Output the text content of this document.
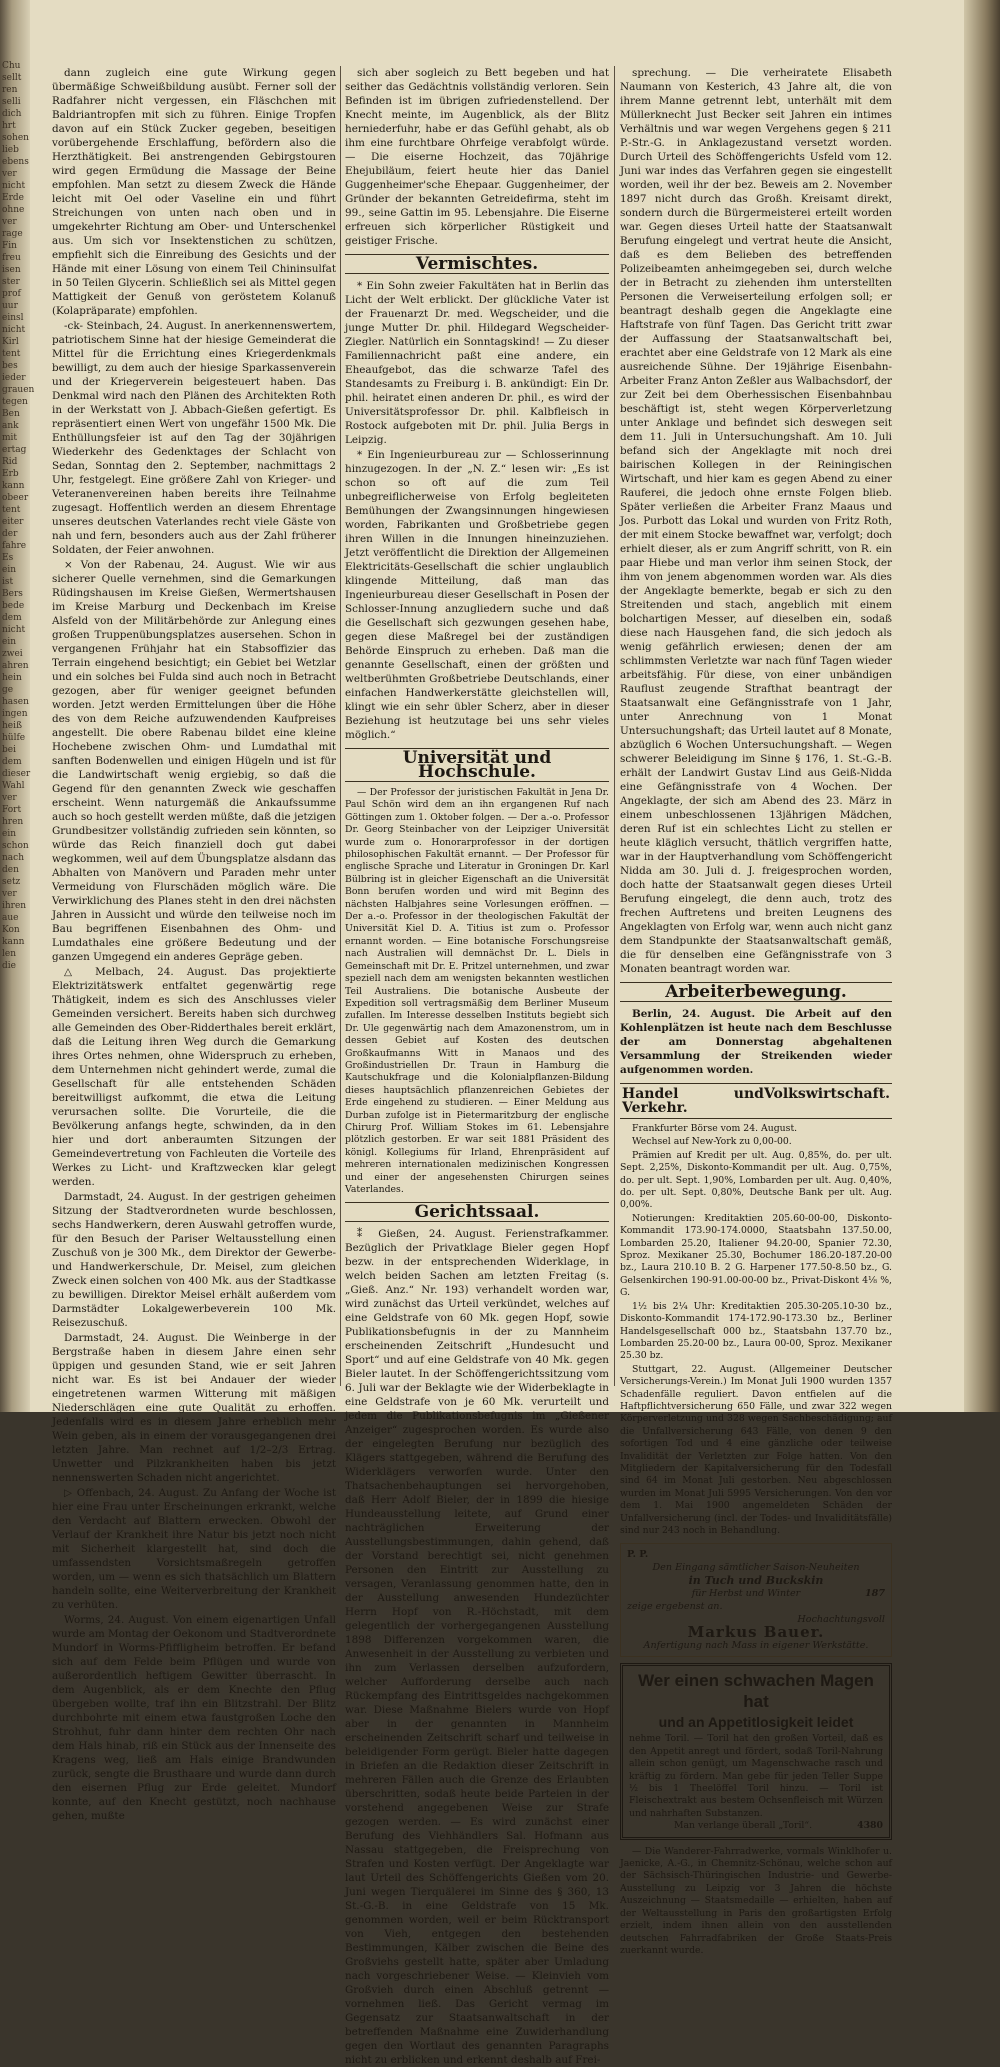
Chu
sellt
ren
selli
dich
hrt
sohen
lieb
ebens
ver
nicht
Erde
ohne
ver
rage
Fin
freu
isen
ster
prof
uur
einsl
nicht
Kirl
tent
bes
ieder
grauen
tegen
Ben
ank
mit
ertag
Rid
Erb
kann
obeer
tent
eiter
der
fahre
Es
ein
ist
Bers
bede
dem
nicht
ein
zwei
ahren
hein
ge
hasen
ingen
heiß
hülfe
bei
dem
dieser
Wahl
ver
Fort
hren
ein
schon
nach
den
setz
ver
ihren
aue
Kon
kann
len
die

dann zugleich eine gute Wirkung gegen übermäßige Schweißbildung ausübt. Ferner soll der Radfahrer nicht vergessen, ein Fläschchen mit Baldriantropfen mit sich zu führen. Einige Tropfen davon auf ein Stück Zucker gegeben, beseitigen vorübergehende Erschlaffung, befördern also die Herzthätigkeit. Bei anstrengenden Gebirgstouren wird gegen Ermüdung die Massage der Beine empfohlen. Man setzt zu diesem Zweck die Hände leicht mit Oel oder Vaseline ein und führt Streichungen von unten nach oben und in umgekehrter Richtung am Ober- und Unterschenkel aus. Um sich vor Insektenstichen zu schützen, empfiehlt sich die Einreibung des Gesichts und der Hände mit einer Lösung von einem Teil Chininsulfat in 50 Teilen Glycerin. Schließlich sei als Mittel gegen Mattigkeit der Genuß von geröstetem Kolanuß (Kolapräparate) empfohlen.

-ck- Steinbach, 24. August. In anerkennenswertem, patriotischem Sinne hat der hiesige Gemeinderat die Mittel für die Errichtung eines Kriegerdenkmals bewilligt, zu dem auch der hiesige Sparkassenverein und der Kriegerverein beigesteuert haben. Das Denkmal wird nach den Plänen des Architekten Roth in der Werkstatt von J. Abbach-Gießen gefertigt. Es repräsentiert einen Wert von ungefähr 1500 Mk. Die Enthüllungsfeier ist auf den Tag der 30jährigen Wiederkehr des Gedenktages der Schlacht von Sedan, Sonntag den 2. September, nachmittags 2 Uhr, festgelegt. Eine größere Zahl von Krieger- und Veteranenvereinen haben bereits ihre Teilnahme zugesagt. Hoffentlich werden an diesem Ehrentage unseres deutschen Vaterlandes recht viele Gäste von nah und fern, besonders auch aus der Zahl früherer Soldaten, der Feier anwohnen.

⨯ Von der Rabenau, 24. August. Wie wir aus sicherer Quelle vernehmen, sind die Gemarkungen Rüdingshausen im Kreise Gießen, Wermertshausen im Kreise Marburg und Deckenbach im Kreise Alsfeld von der Militärbehörde zur Anlegung eines großen Truppenübungsplatzes ausersehen. Schon in vergangenen Frühjahr hat ein Stabsoffizier das Terrain eingehend besichtigt; ein Gebiet bei Wetzlar und ein solches bei Fulda sind auch noch in Betracht gezogen, aber für weniger geeignet befunden worden. Jetzt werden Ermittelungen über die Höhe des von dem Reiche aufzuwendenden Kaufpreises angestellt. Die obere Rabenau bildet eine kleine Hochebene zwischen Ohm- und Lumdathal mit sanften Bodenwellen und einigen Hügeln und ist für die Landwirtschaft wenig ergiebig, so daß die Gegend für den genannten Zweck wie geschaffen erscheint. Wenn naturgemäß die Ankaufssumme auch so hoch gestellt werden müßte, daß die jetzigen Grundbesitzer vollständig zufrieden sein könnten, so würde das Reich finanziell doch gut dabei wegkommen, weil auf dem Übungsplatze alsdann das Abhalten von Manövern und Paraden mehr unter Vermeidung von Flurschäden möglich wäre. Die Verwirklichung des Planes steht in den drei nächsten Jahren in Aussicht und würde den teilweise noch im Bau begriffenen Eisenbahnen des Ohm- und Lumdathales eine größere Bedeutung und der ganzen Umgegend ein anderes Gepräge geben.

△ Melbach, 24. August. Das projektierte Elektrizitätswerk entfaltet gegenwärtig rege Thätigkeit, indem es sich des Anschlusses vieler Gemeinden versichert. Bereits haben sich durchweg alle Gemeinden des Ober-Ridderthales bereit erklärt, daß die Leitung ihren Weg durch die Gemarkung ihres Ortes nehmen, ohne Widerspruch zu erheben, dem Unternehmen nicht gehindert werde, zumal die Gesellschaft für alle entstehenden Schäden bereitwilligst aufkommt, die etwa die Leitung verursachen sollte. Die Vorurteile, die die Bevölkerung anfangs hegte, schwinden, da in den hier und dort anberaumten Sitzungen der Gemeindevertretung von Fachleuten die Vorteile des Werkes zu Licht- und Kraftzwecken klar gelegt werden.

Darmstadt, 24. August. In der gestrigen geheimen Sitzung der Stadtverordneten wurde beschlossen, sechs Handwerkern, deren Auswahl getroffen wurde, für den Besuch der Pariser Weltausstellung einen Zuschuß von je 300 Mk., dem Direktor der Gewerbe- und Handwerkerschule, Dr. Meisel, zum gleichen Zweck einen solchen von 400 Mk. aus der Stadtkasse zu bewilligen. Direktor Meisel erhält außerdem vom Darmstädter Lokalgewerbeverein 100 Mk. Reisezuschuß.

Darmstadt, 24. August. Die Weinberge in der Bergstraße haben in diesem Jahre einen sehr üppigen und gesunden Stand, wie er seit Jahren nicht war. Es ist bei Andauer der wieder eingetretenen warmen Witterung mit mäßigen Niederschlägen eine gute Qualität zu erhoffen. Jedenfalls wird es in diesem Jahre erheblich mehr Wein geben, als in einem der vorausgegangenen drei letzten Jahre. Man rechnet auf 1/2–2/3 Ertrag. Unwetter und Pilzkrankheiten haben bis jetzt nennenswerten Schaden nicht angerichtet.

▷ Offenbach, 24. August. Zu Anfang der Woche ist hier eine Frau unter Erscheinungen erkrankt, welche den Verdacht auf Blattern erwecken. Obwohl der Verlauf der Krankheit ihre Natur bis jetzt noch nicht mit Sicherheit klargestellt hat, sind doch die umfassendsten Vorsichtsmaßregeln getroffen worden, um — wenn es sich thatsächlich um Blattern handeln sollte, eine Weiterverbreitung der Krankheit zu verhüten.

Worms, 24. August. Von einem eigenartigen Unfall wurde am Montag der Oekonom und Stadtverordnete Mundorf in Worms-Pfiffligheim betroffen. Er befand sich auf dem Felde beim Pflügen und wurde von außerordentlich heftigem Gewitter überrascht. In dem Augenblick, als er dem Knechte den Pflug übergeben wollte, traf ihn ein Blitzstrahl. Der Blitz durchbohrte mit einem etwa faustgroßen Loche den Strohhut, fuhr dann hinter dem rechten Ohr nach dem Hals hinab, riß ein Stück aus der Innenseite des Kragens weg, ließ am Hals einige Brandwunden zurück, sengte die Brusthaare und wurde dann durch den eisernen Pflug zur Erde geleitet. Mundorf konnte, auf den Knecht gestützt, noch nachhause gehen, mußte

sich aber sogleich zu Bett begeben und hat seither das Gedächtnis vollständig verloren. Sein Befinden ist im übrigen zufriedenstellend. Der Knecht meinte, im Augenblick, als der Blitz herniederfuhr, habe er das Gefühl gehabt, als ob ihm eine furchtbare Ohrfeige verabfolgt würde. — Die eiserne Hochzeit, das 70jährige Ehejubiläum, feiert heute hier das Daniel Guggenheimer'sche Ehepaar. Guggenheimer, der Gründer der bekannten Getreidefirma, steht im 99., seine Gattin im 95. Lebensjahre. Die Eiserne erfreuen sich körperlicher Rüstigkeit und geistiger Frische.

Vermischtes.

* Ein Sohn zweier Fakultäten hat in Berlin das Licht der Welt erblickt. Der glückliche Vater ist der Frauenarzt Dr. med. Wegscheider, und die junge Mutter Dr. phil. Hildegard Wegscheider-Ziegler. Natürlich ein Sonntagskind! — Zu dieser Familiennachricht paßt eine andere, ein Eheaufgebot, das die schwarze Tafel des Standesamts zu Freiburg i. B. ankündigt: Ein Dr. phil. heiratet einen anderen Dr. phil., es wird der Universitätsprofessor Dr. phil. Kalbfleisch in Rostock aufgeboten mit Dr. phil. Julia Bergs in Leipzig.

* Ein Ingenieurbureau zur — Schlosserinnung hinzugezogen. In der „N. Z.“ lesen wir: „Es ist schon so oft auf die zum Teil unbegreiflicherweise von Erfolg begleiteten Bemühungen der Zwangsinnungen hingewiesen worden, Fabrikanten und Großbetriebe gegen ihren Willen in die Innungen hineinzuziehen. Jetzt veröffentlicht die Direktion der Allgemeinen Elektricitäts-Gesellschaft die schier unglaublich klingende Mitteilung, daß man das Ingenieurbureau dieser Gesellschaft in Posen der Schlosser-Innung anzugliedern suche und daß die Gesellschaft sich gezwungen gesehen habe, gegen diese Maßregel bei der zuständigen Behörde Einspruch zu erheben. Daß man die genannte Gesellschaft, einen der größten und weltberühmten Großbetriebe Deutschlands, einer einfachen Handwerkerstätte gleichstellen will, klingt wie ein sehr übler Scherz, aber in dieser Beziehung ist heutzutage bei uns sehr vieles möglich.“

Universität und Hochschule.

— Der Professor der juristischen Fakultät in Jena Dr. Paul Schön wird dem an ihn ergangenen Ruf nach Göttingen zum 1. Oktober folgen. — Der a.-o. Professor Dr. Georg Steinbacher von der Leipziger Universität wurde zum o. Honorarprofessor in der dortigen philosophischen Fakultät ernannt. — Der Professor für englische Sprache und Literatur in Groningen Dr. Karl Bülbring ist in gleicher Eigenschaft an die Universität Bonn berufen worden und wird mit Beginn des nächsten Halbjahres seine Vorlesungen eröffnen. — Der a.-o. Professor in der theologischen Fakultät der Universität Kiel D. A. Titius ist zum o. Professor ernannt worden. — Eine botanische Forschungsreise nach Australien will demnächst Dr. L. Diels in Gemeinschaft mit Dr. E. Pritzel unternehmen, und zwar speziell nach dem am wenigsten bekannten westlichen Teil Australiens. Die botanische Ausbeute der Expedition soll vertragsmäßig dem Berliner Museum zufallen. Im Interesse desselben Instituts begiebt sich Dr. Ule gegenwärtig nach dem Amazonenstrom, um in dessen Gebiet auf Kosten des deutschen Großkaufmanns Witt in Manaos und des Großindustriellen Dr. Traun in Hamburg die Kautschukfrage und die Kolonialpflanzen-Bildung dieses hauptsächlich pflanzenreichen Gebietes der Erde eingehend zu studieren. — Einer Meldung aus Durban zufolge ist in Pietermaritzburg der englische Chirurg Prof. William Stokes im 61. Lebensjahre plötzlich gestorben. Er war seit 1881 Präsident des königl. Kollegiums für Irland, Ehrenpräsident auf mehreren internationalen medizinischen Kongressen und einer der angesehensten Chirurgen seines Vaterlandes.

Gerichtssaal.

⁑ Gießen, 24. August. Ferienstrafkammer. Bezüglich der Privatklage Bieler gegen Hopf bezw. in der entsprechenden Widerklage, in welch beiden Sachen am letzten Freitag (s. „Gieß. Anz.“ Nr. 193) verhandelt worden war, wird zunächst das Urteil verkündet, welches auf eine Geldstrafe von 60 Mk. gegen Hopf, sowie Publikationsbefugnis in der zu Mannheim erscheinenden Zeitschrift „Hundesucht und Sport“ und auf eine Geldstrafe von 40 Mk. gegen Bieler lautet. In der Schöffengerichtssitzung vom 6. Juli war der Beklagte wie der Widerbeklagte in eine Geldstrafe von je 60 Mk. verurteilt und jedem die Publikationsbefugnis im „Gießener Anzeiger“ zugesprochen worden. Es wurde also der eingelegten Berufung nur bezüglich des Klägers stattgegeben, während die Berufung des Widerklägers verworfen wurde. Unter den Thatsachenbehauptungen sei hervorgehoben, daß Herr Adolf Bieler, der in 1899 die hiesige Hundeausstellung leitete, auf Grund einer nachträglichen Erweiterung der Ausstellungsbestimmungen, dahin gehend, daß der Vorstand berechtigt sei, nicht genehmen Personen den Eintritt zur Ausstellung zu versagen, Veranlassung genommen hatte, den in der Ausstellung anwesenden Hundezüchter Herrn Hopf von R.-Höchstadt, mit dem gelegentlich der vorhergegangenen Ausstellung 1898 Differenzen vorgekommen waren, die Anwesenheit in der Ausstellung zu verbieten und ihn zum Verlassen derselben aufzufordern, welcher Aufforderung derselbe auch nach Rückempfang des Eintrittsgeldes nachgekommen war. Diese Maßnahme Bielers wurde von Hopf aber in der genannten in Mannheim erscheinenden Zeitschrift scharf und teilweise in beleidigender Form gerügt. Bieler hatte dagegen in Briefen an die Redaktion dieser Zeitschrift in mehreren Fällen auch die Grenze des Erlaubten überschritten, sodaß heute beide Parteien in der vorstehend angegebenen Weise zur Strafe gezogen werden. — Es wird zunächst einer Berufung des Viehhändlers Sal. Hofmann aus Nassau stattgegeben, die Freisprechung von Strafen und Kosten verfügt. Der Angeklagte war laut Urteil des Schöffengerichts Gießen vom 20. Juni wegen Tierquälerei im Sinne des § 360, 13 St.-G.-B. in eine Geldstrafe von 15 Mk. genommen worden, weil er beim Rücktransport von Vieh, entgegen den bestehenden Bestimmungen, Kälber zwischen die Beine des Großviehs gestellt hatte, später aber Umladung nach vorgeschriebener Weise. — Kleinvieh vom Großvieh durch einen Abschluß getrennt — vornehmen ließ. Das Gericht vermag im Gegensatz zur Staatsanwaltschaft in der betreffenden Maßnahme eine Zuwiderhandlung gegen den Wortlaut des genannten Paragraphs nicht zu erblicken und erkennt deshalb auf Frei-

sprechung. — Die verheiratete Elisabeth Naumann von Kesterich, 43 Jahre alt, die von ihrem Manne getrennt lebt, unterhält mit dem Müllerknecht Just Becker seit Jahren ein intimes Verhältnis und war wegen Vergehens gegen § 211 P.-Str.-G. in Anklagezustand versetzt worden. Durch Urteil des Schöffengerichts Usfeld vom 12. Juni war indes das Verfahren gegen sie eingestellt worden, weil ihr der bez. Beweis am 2. November 1897 nicht durch das Großh. Kreisamt direkt, sondern durch die Bürgermeisterei erteilt worden war. Gegen dieses Urteil hatte der Staatsanwalt Berufung eingelegt und vertrat heute die Ansicht, daß es dem Belieben des betreffenden Polizeibeamten anheimgegeben sei, durch welche der in Betracht zu ziehenden ihm unterstellten Personen die Verweiserteilung erfolgen soll; er beantragt deshalb gegen die Angeklagte eine Haftstrafe von fünf Tagen. Das Gericht tritt zwar der Auffassung der Staatsanwaltschaft bei, erachtet aber eine Geldstrafe von 12 Mark als eine ausreichende Sühne. Der 19jährige Eisenbahn-Arbeiter Franz Anton Zeßler aus Walbachsdorf, der zur Zeit bei dem Oberhessischen Eisenbahnbau beschäftigt ist, steht wegen Körperverletzung unter Anklage und befindet sich deswegen seit dem 11. Juli in Untersuchungshaft. Am 10. Juli befand sich der Angeklagte mit noch drei bairischen Kollegen in der Reiningischen Wirtschaft, und hier kam es gegen Abend zu einer Rauferei, die jedoch ohne ernste Folgen blieb. Später verließen die Arbeiter Franz Maaus und Jos. Purbott das Lokal und wurden von Fritz Roth, der mit einem Stocke bewaffnet war, verfolgt; doch erhielt dieser, als er zum Angriff schritt, von R. ein paar Hiebe und man verlor ihm seinen Stock, der ihm von jenem abgenommen worden war. Als dies der Angeklagte bemerkte, begab er sich zu den Streitenden und stach, angeblich mit einem bolchartigen Messer, auf dieselben ein, sodaß diese nach Hausgehen fand, die sich jedoch als wenig gefährlich erwiesen; denen der am schlimmsten Verletzte war nach fünf Tagen wieder arbeitsfähig. Für diese, von einer unbändigen Rauflust zeugende Strafthat beantragt der Staatsanwalt eine Gefängnisstrafe von 1 Jahr, unter Anrechnung von 1 Monat Untersuchungshaft; das Urteil lautet auf 8 Monate, abzüglich 6 Wochen Untersuchungshaft. — Wegen schwerer Beleidigung im Sinne § 176, 1. St.-G.-B. erhält der Landwirt Gustav Lind aus Geiß-Nidda eine Gefängnisstrafe von 4 Wochen. Der Angeklagte, der sich am Abend des 23. März in einem unbeschlossenen 13jährigen Mädchen, deren Ruf ist ein schlechtes Licht zu stellen er heute kläglich versucht, thätlich vergriffen hatte, war in der Hauptverhandlung vom Schöffengericht Nidda am 30. Juli d. J. freigesprochen worden, doch hatte der Staatsanwalt gegen dieses Urteil Berufung eingelegt, die denn auch, trotz des frechen Auftretens und breiten Leugnens des Angeklagten von Erfolg war, wenn auch nicht ganz dem Standpunkte der Staatsanwaltschaft gemäß, die für denselben eine Gefängnisstrafe von 3 Monaten beantragt worden war.

Arbeiterbewegung.

Berlin, 24. August. Die Arbeit auf den Kohlenplätzen ist heute nach dem Beschlusse der am Donnerstag abgehaltenen Versammlung der Streikenden wieder aufgenommen worden.

Handel und Verkehr.
Volkswirtschaft.

Frankfurter Börse vom 24. August.

Wechsel auf New-York zu 0,00-00.

Prämien auf Kredit per ult. Aug. 0,85%, do. per ult. Sept. 2,25%, Diskonto-Kommandit per ult. Aug. 0,75%, do. per ult. Sept. 1,90%, Lombarden per ult. Aug. 0,40%, do. per ult. Sept. 0,80%, Deutsche Bank per ult. Aug. 0,00%.

Notierungen: Kreditaktien 205.60-00-00, Diskonto-Kommandit 173.90-174.0000, Staatsbahn 137.50.00, Lombarden 25.20, Italiener 94.20-00, Spanier 72.30, Sproz. Mexikaner 25.30, Bochumer 186.20-187.20-00 bz., Laura 210.10 B. 2 G. Harpener 177.50-8.50 bz., G. Gelsenkirchen 190-91.00-00-00 bz., Privat-Diskont 4⅛ %, G.

1½ bis 2¼ Uhr: Kreditaktien 205.30-205.10-30 bz., Diskonto-Kommandit 174-172.90-173.30 bz., Berliner Handelsgesellschaft 000 bz., Staatsbahn 137.70 bz., Lombarden 25.20-00 bz., Laura 00-00, Sproz. Mexikaner 25.30 bz.

Stuttgart, 22. August. (Allgemeiner Deutscher Versicherungs-Verein.) Im Monat Juli 1900 wurden 1357 Schadenfälle reguliert. Davon entfielen auf die Haftpflichtversicherung 650 Fälle, und zwar 322 wegen Körperverletzung und 328 wegen Sachbeschädigung; auf die Unfallversicherung 643 Fälle, von denen 9 den sofortigen Tod und 4 eine gänzliche oder teilweise Invalidität der Verletzten zur Folge hatten. Von den Mitgliedern der Kapitalversicherung für den Todesfall sind 64 im Monat Juli gestorben. Neu abgeschlossen wurden im Monat Juli 5995 Versicherungen. Von den vor dem 1. Mai 1900 angemeldeten Schäden der Unfallversicherung (incl. der Todes- und Invaliditätsfälle) sind nur 243 noch in Behandlung.

P. P.
Den Eingang sämtlicher Saison-Neuheiten
in Tuch und Buckskin
für Herbst und Winter	187
zeige ergebenst an.
Hochachtungsvoll
Markus Bauer.
Anfertigung nach Mass in eigener Werkstätte.
Wer einen schwachen Magen hat
und an Appetitlosigkeit leidet
nehme Toril. — Toril hat den großen Vorteil, daß es den Appetit anregt und fördert, sodaß Toril-Nahrung allein schon genügt, um Magenschwache rasch und kräftig zu fördern. Man gebe für jeden Teller Suppe ½ bis 1 Theelöffel Toril hinzu. — Toril ist Fleischextrakt aus bestem Ochsenfleisch mit Würzen und nahrhaften Substanzen.
Man verlange überall „Toril“.	4380

— Die Wanderer-Fahrradwerke, vormals Winklhofer u. Jaenicke, A.-G., in Chemnitz-Schönau, welche schon auf der Sächsisch-Thüringischen Industrie- und Gewerbe-Ausstellung zu Leipzig vor 3 Jahren die höchste Auszeichnung — Staatsmedaille — erhielten, haben auf der Weltausstellung in Paris den großartigsten Erfolg erzielt, indem ihnen allein von den ausstellenden deutschen Fahrradfabriken der Große Staats-Preis zuerkannt wurde.
